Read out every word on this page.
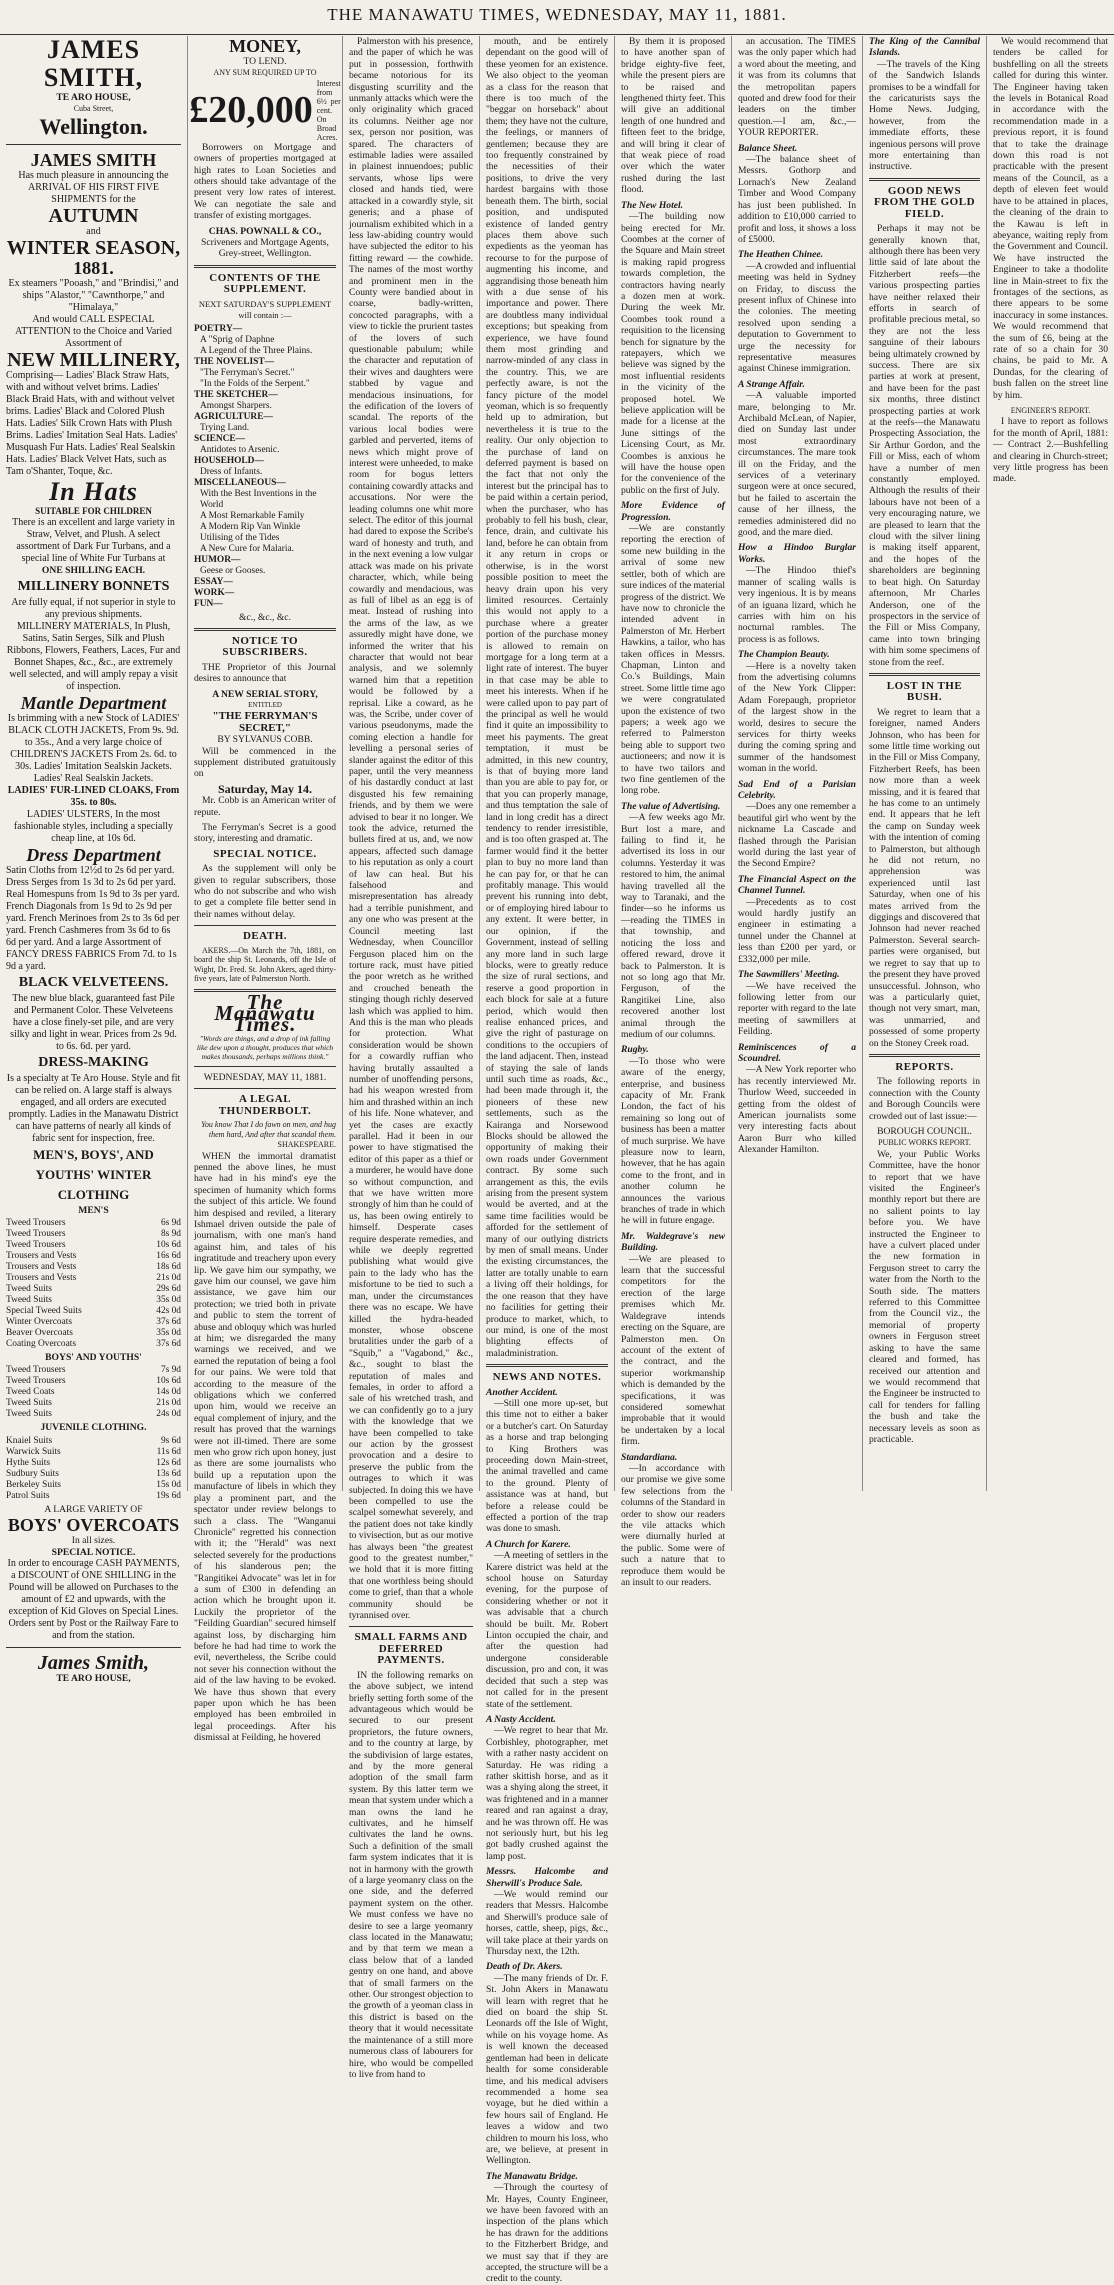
THE MANAWATU TIMES, WEDNESDAY, MAY 11, 1881.
JAMES SMITH,
TE ARO HOUSE,
Cuba Street,
Wellington.
JAMES SMITH
Has much pleasure in announcing the ARRIVAL OF HIS FIRST FIVE SHIPMENTS for the
AUTUMN
and
WINTER SEASON,
1881.
Ex steamers "Pooash," and "Brindisi," and ships "Alastor," "Cawnthorpe," and "Himalaya,"
And would CALL ESPECIAL ATTENTION to the Choice and Varied Assortment of
NEW MILLINERY,
Comprising— Ladies' Black Straw Hats, with and without velvet brims. Ladies' Black Braid Hats, with and without velvet brims. Ladies' Black and Colored Plush Hats. Ladies' Silk Crown Hats with Plush Brims. Ladies' Imitation Seal Hats. Ladies' Musquash Fur Hats. Ladies' Real Sealskin Hats. Ladies' Black Velvet Hats, such as Tam o'Shanter, Toque, &c.
In Hats
SUITABLE FOR CHILDREN
There is an excellent and large variety in Straw, Velvet, and Plush. A select assortment of Dark Fur Turbans, and a special line of White Fur Turbans at
ONE SHILLING EACH.
MILLINERY BONNETS
Are fully equal, if not superior in style to any previous shipments.
MILLINERY MATERIALS, In Plush, Satins, Satin Serges, Silk and Plush Ribbons, Flowers, Feathers, Laces, Fur and Bonnet Shapes, &c., &c., are extremely well selected, and will amply repay a visit of inspection.
Mantle Department
Is brimming with a new Stock of LADIES' BLACK CLOTH JACKETS, From 9s. 9d. to 35s., And a very large choice of CHILDREN'S JACKETS From 2s. 6d. to 30s. Ladies' Imitation Sealskin Jackets. Ladies' Real Sealskin Jackets.
LADIES' FUR-LINED CLOAKS, From 35s. to 80s.
LADIES' ULSTERS, In the most fashionable styles, including a specially cheap line, at 10s 6d.
Dress Department
Satin Cloths from 12½d to 2s 6d per yard. Dress Serges from 1s 3d to 2s 6d per yard. Real Homespuns from 1s 9d to 3s per yard. French Diagonals from 1s 9d to 2s 9d per yard. French Merinoes from 2s to 3s 6d per yard. French Cashmeres from 3s 6d to 6s 6d per yard. And a large Assortment of FANCY DRESS FABRICS From 7d. to 1s 9d a yard.
BLACK VELVETEENS.
The new blue black, guaranteed fast Pile and Permanent Color. These Velveteens have a close finely-set pile, and are very silky and light in wear. Prices from 2s 9d. to 6s. 6d. per yard.
DRESS-MAKING
Is a specialty at Te Aro House. Style and fit can be relied on. A large staff is always engaged, and all orders are executed promptly. Ladies in the Manawatu District can have patterns of nearly all kinds of fabric sent for inspection, free.
MEN'S, BOYS', AND YOUTHS' WINTER CLOTHING
MEN'S
Tweed Trousers	6s 9d
Tweed Trousers	8s 9d
Tweed Trousers	10s 6d
Trousers and Vests	16s 6d
Trousers and Vests	18s 6d
Trousers and Vests	21s 0d
Tweed Suits	29s 6d
Tweed Suits	35s 0d
Special Tweed Suits	42s 0d
Winter Overcoats	37s 6d
Beaver Overcoats	35s 0d
Coating Overcoats	37s 6d
BOYS' AND YOUTHS'
Tweed Trousers	7s 9d
Tweed Trousers	10s 6d
Tweed Coats	14s 0d
Tweed Suits	21s 0d
Tweed Suits	24s 0d
JUVENILE CLOTHING.
Knaiel Suits	9s 6d
Warwick Suits	11s 6d
Hythe Suits	12s 6d
Sudbury Suits	13s 6d
Berkeley Suits	15s 0d
Patrol Suits	19s 6d
A LARGE VARIETY OF
BOYS' OVERCOATS
In all sizes.
SPECIAL NOTICE.
In order to encourage CASH PAYMENTS, a DISCOUNT of ONE SHILLING in the Pound will be allowed on Purchases to the amount of £2 and upwards, with the exception of Kid Gloves on Special Lines. Orders sent by Post or the Railway Fare to and from the station.
James Smith,
TE ARO HOUSE,
MONEY,
TO LEND.
ANY SUM REQUIRED UP TO
£20,000
Interest from 6½ per cent. On Broad Acres.

Borrowers on Mortgage and owners of properties mortgaged at high rates to Loan Societies and others should take advantage of the present very low rates of interest. We can negotiate the sale and transfer of existing mortgages.

CHAS. POWNALL & CO.,
Scriveners and Mortgage Agents, Grey-street, Wellington.
CONTENTS OF THE SUPPLEMENT.
NEXT SATURDAY'S SUPPLEMENT will contain :—
POETRY—
A "Sprig of Daphne
A Legend of the Three Plains.
THE NOVELIST—
"The Ferryman's Secret."
"In the Folds of the Serpent."
THE SKETCHER—
Amongst Sharpers.
AGRICULTURE—
Trying Land.
SCIENCE—
Antidotes to Arsenic.
HOUSEHOLD—
Dress of Infants.
MISCELLANEOUS—
With the Best Inventions in the World
A Most Remarkable Family
A Modern Rip Van Winkle
Utilising of the Tides
A New Cure for Malaria.
HUMOR—
Geese or Gooses.
ESSAY—
WORK—
FUN—
&c., &c., &c.
NOTICE TO SUBSCRIBERS.

THE Proprietor of this Journal desires to announce that

A NEW SERIAL STORY,
ENTITLED
"THE FERRYMAN'S SECRET,"
BY SYLVANUS COBB.

Will be commenced in the supplement distributed gratuitously on

Saturday, May 14.

Mr. Cobb is an American writer of repute.

The Ferryman's Secret is a good story, interesting and dramatic.

SPECIAL NOTICE.

As the supplement will only be given to regular subscribers, those who do not subscribe and who wish to get a complete file better send in their names without delay.

DEATH.

AKERS.—On March the 7th, 1881, on board the ship St. Leonards, off the Isle of Wight, Dr. Fred. St. John Akers, aged thirty-five years, late of Palmerston North.

The Manawatu Times.
"Words are things, and a drop of ink falling like dew upon a thought, produces that which makes thousands, perhaps millions think."
WEDNESDAY, MAY 11, 1881.
A LEGAL THUNDERBOLT.
You know That I do fawn on men, and hug them hard, And after that scandal them.
SHAKESPEARE.

WHEN the immortal dramatist penned the above lines, he must have had in his mind's eye the specimen of humanity which forms the subject of this article. We found him despised and reviled, a literary Ishmael driven outside the pale of journalism, with one man's hand against him, and tales of his ingratitude and treachery upon every lip. We gave him our sympathy, we gave him our counsel, we gave him assistance, we gave him our protection; we tried both in private and public to stem the torrent of abuse and obloquy which was hurled at him; we disregarded the many warnings we received, and we earned the reputation of being a fool for our pains. We were told that according to the measure of the obligations which we conferred upon him, would we receive an equal complement of injury, and the result has proved that the warnings were not ill-timed. There are some men who grow rich upon honey, just as there are some journalists who build up a reputation upon the manufacture of libels in which they play a prominent part, and the spectator under review belongs to such a class. The "Wanganui Chronicle" regretted his connection with it; the "Herald" was next selected severely for the productions of his slanderous pen; the "Rangitikei Advocate" was let in for a sum of £300 in defending an action which he brought upon it. Luckily the proprietor of the "Feilding Guardian" secured himself against loss, by discharging him before he had had time to work the evil, nevertheless, the Scribe could not sever his connection without the aid of the law having to be evoked. We have thus shown that every paper upon which he has been employed has been embroiled in legal proceedings. After his dismissal at Feilding, he hovered

Palmerston with his presence, and the paper of which he was put in possession, forthwith became notorious for its disgusting scurrility and the unmanly attacks which were the only originality which graced its columns. Neither age nor sex, person nor position, was spared. The characters of estimable ladies were assailed in plainest innuendoes; public servants, whose lips were closed and hands tied, were attacked in a cowardly style, sit generis; and a phase of journalism exhibited which in a less law-abiding country would have subjected the editor to his fitting reward — the cowhide. The names of the most worthy and prominent men in the County were bandied about in coarse, badly-written, concocted paragraphs, with a view to tickle the prurient tastes of the lovers of such questionable pabulum; while the character and reputation of their wives and daughters were stabbed by vague and mendacious insinuations, for the edification of the lovers of scandal. The reports of the various local bodies were garbled and perverted, items of news which might prove of interest were unheeded, to make room for bogus letters containing cowardly attacks and accusations. Nor were the leading columns one whit more select. The editor of this journal had dared to expose the Scribe's ward of honesty and truth, and in the next evening a low vulgar attack was made on his private character, which, while being cowardly and mendacious, was as full of libel as an egg is of meat. Instead of rushing into the arms of the law, as we assuredly might have done, we informed the writer that his character that would not bear analysis, and we solemnly warned him that a repetition would be followed by a reprisal. Like a coward, as he was, the Scribe, under cover of various pseudonyms, made the coming election a handle for levelling a personal series of slander against the editor of this paper, until the very meanness of his dastardly conduct at last disgusted his few remaining friends, and by them we were advised to bear it no longer. We took the advice, returned the bullets fired at us, and, we now appears, affected such damage to his reputation as only a court of law can heal. But his falsehood and misrepresentation has already had a terrible punishment, and any one who was present at the Council meeting last Wednesday, when Councillor Ferguson placed him on the torture rack, must have pitied the poor wretch as he writhed and crouched beneath the stinging though richly deserved lash which was applied to him. And this is the man who pleads for protection. What consideration would be shown for a cowardly ruffian who having brutally assaulted a number of unoffending persons, had his weapon wrested from him and thrashed within an inch of his life. None whatever, and yet the cases are exactly parallel. Had it been in our power to have stigmatised the editor of this paper as a thief or a murderer, he would have done so without compunction, and that we have written more strongly of him than he could of us, has been owing entirely to himself. Desperate cases require desperate remedies, and while we deeply regretted publishing what would give pain to the lady who has the misfortune to be tied to such a man, under the circumstances there was no escape. We have killed the hydra-headed monster, whose obscene brutalities under the garb of a "Squib," a "Vagabond," &c., &c., sought to blast the reputation of males and females, in order to afford a sale of his wretched trash, and we can confidently go to a jury with the knowledge that we have been compelled to take our action by the grossest provocation and a desire to preserve the public from the outrages to which it was subjected. In doing this we have been compelled to use the scalpel somewhat severely, and the patient does not take kindly to vivisection, but as our motive has always been "the greatest good to the greatest number," we hold that it is more fitting that one worthless being should come to grief, than that a whole community should be tyrannised over.

SMALL FARMS AND DEFERRED PAYMENTS.

IN the following remarks on the above subject, we intend briefly setting forth some of the advantageous which would be secured to our present proprietors, the future owners, and to the country at large, by the subdivision of large estates, and by the more general adoption of the small farm system. By this latter term we mean that system under which a man owns the land he cultivates, and he himself cultivates the land he owns. Such a definition of the small farm system indicates that it is not in harmony with the growth of a large yeomanry class on the one side, and the deferred payment system on the other. We must confess we have no desire to see a large yeomanry class located in the Manawatu; and by that term we mean a class below that of a landed gentry on one hand, and above that of small farmers on the other. Our strongest objection to the growth of a yeoman class in this district is based on the theory that it would necessitate the maintenance of a still more numerous class of labourers for hire, who would be compelled to live from hand to

mouth, and be entirely dependant on the good will of these yeomen for an existence. We also object to the yeoman as a class for the reason that there is too much of the "beggar on horseback" about them; they have not the culture, the feelings, or manners of gentlemen; because they are too frequently constrained by the necessities of their positions, to drive the very hardest bargains with those beneath them. The birth, social position, and undisputed existence of landed gentry places them above such expedients as the yeoman has recourse to for the purpose of augmenting his income, and aggrandising those beneath him with a due sense of his importance and power. There are doubtless many individual exceptions; but speaking from experience, we have found them most grinding and narrow-minded of any class in the country. This, we are perfectly aware, is not the fancy picture of the model yeoman, which is so frequently held up to admiration, but nevertheless it is true to the reality. Our only objection to the purchase of land on deferred payment is based on the fact that not only the interest but the principal has to be paid within a certain period, when the purchaser, who has probably to fell his bush, clear, fence, drain, and cultivate his land, before he can obtain from it any return in crops or otherwise, is in the worst possible position to meet the heavy drain upon his very limited resources. Certainly this would not apply to a purchase where a greater portion of the purchase money is allowed to remain on mortgage for a long term at a light rate of interest. The buyer in that case may be able to meet his interests. When if he were called upon to pay part of the principal as well he would find it quite an impossibility to meet his payments. The great temptation, it must be admitted, in this new country, is that of buying more land than you are able to pay for, or that you can properly manage, and thus temptation the sale of land in long credit has a direct tendency to render irresistible, and is too often grasped at. The farmer would find it the better plan to buy no more land than he can pay for, or that he can profitably manage. This would prevent his running into debt, or of employing hired labour to any extent. It were better, in our opinion, if the Government, instead of selling any more land in such large blocks, were to greatly reduce the size of rural sections, and reserve a good proportion in each block for sale at a future period, which would then realise enhanced prices, and give the right of pasturage on conditions to the occupiers of the land adjacent. Then, instead of staying the sale of lands until such time as roads, &c., had been made through it, the pioneers of these new settlements, such as the Kairanga and Norsewood Blocks should be allowed the opportunity of making their own roads under Government contract. By some such arrangement as this, the evils arising from the present system would be averted, and at the same time facilities would be afforded for the settlement of many of our outlying districts by men of small means. Under the existing circumstances, the latter are totally unable to earn a living off their holdings, for the one reason that they have no facilities for getting their produce to market, which, to our mind, is one of the most blighting effects of maladministration.

NEWS AND NOTES.
Another Accident.

—Still one more up-set, but this time not to either a baker or a butcher's cart. On Saturday as a horse and trap belonging to King Brothers was proceeding down Main-street, the animal travelled and came to the ground. Plenty of assistance was at hand, but before a release could be effected a portion of the trap was done to smash.

A Church for Karere.

—A meeting of settlers in the Karere district was held at the school house on Saturday evening, for the purpose of considering whether or not it was advisable that a church should be built. Mr. Robert Linton occupied the chair, and after the question had undergone considerable discussion, pro and con, it was decided that such a step was not called for in the present state of the settlement.

A Nasty Accident.

—We regret to hear that Mr. Corbishley, photographer, met with a rather nasty accident on Saturday. He was riding a rather skittish horse, and as it was a shying along the street, it was frightened and in a manner reared and ran against a dray, and he was thrown off. He was not seriously hurt, but his leg got badly crushed against the lamp post.

Messrs. Halcombe and Sherwill's Produce Sale.

—We would remind our readers that Messrs. Halcombe and Sherwill's produce sale of horses, cattle, sheep, pigs, &c., will take place at their yards on Thursday next, the 12th.

Death of Dr. Akers.

—The many friends of Dr. F. St. John Akers in Manawatu will learn with regret that he died on board the ship St. Leonards off the Isle of Wight, while on his voyage home. As is well known the deceased gentleman had been in delicate health for some considerable time, and his medical advisers recommended a home sea voyage, but he died within a few hours sail of England. He leaves a widow and two children to mourn his loss, who are, we believe, at present in Wellington.

The Manawatu Bridge.

—Through the courtesy of Mr. Hayes, County Engineer, we have been favored with an inspection of the plans which he has drawn for the additions to the Fitzherbert Bridge, and we must say that if they are accepted, the structure will be a credit to the county.

By them it is proposed to have another span of bridge eighty-five feet, while the present piers are to be raised and lengthened thirty feet. This will give an additional length of one hundred and fifteen feet to the bridge, and will bring it clear of that weak piece of road over which the water rushed during the last flood.

The New Hotel.

—The building now being erected for Mr. Coombes at the corner of the Square and Main street is making rapid progress towards completion, the contractors having nearly a dozen men at work. During the week Mr. Coombes took round a requisition to the licensing bench for signature by the ratepayers, which we believe was signed by the most influential residents in the vicinity of the proposed hotel. We believe application will be made for a license at the June sittings of the Licensing Court, as Mr. Coombes is anxious he will have the house open for the convenience of the public on the first of July.

More Evidence of Progression.

—We are constantly reporting the erection of some new building in the arrival of some new settler, both of which are sure indices of the material progress of the district. We have now to chronicle the intended advent in Palmerston of Mr. Herbert Hawkins, a tailor, who has taken offices in Messrs. Chapman, Linton and Co.'s Buildings, Main street. Some little time ago we were congratulated upon the existence of two papers; a week ago we referred to Palmerston being able to support two auctioneers; and now it is to have two tailors and two fine gentlemen of the long robe.

The value of Advertising.

—A few weeks ago Mr. Burt lost a mare, and failing to find it, he advertised its loss in our columns. Yesterday it was restored to him, the animal having travelled all the way to Taranaki, and the finder—so he informs us—reading the TIMES in that township, and noticing the loss and offered reward, drove it back to Palmerston. It is not so long ago that Mr. Ferguson, of the Rangitikei Line, also recovered another lost animal through the medium of our columns.

Rugby.

—To those who were aware of the energy, enterprise, and business capacity of Mr. Frank London, the fact of his remaining so long out of business has been a matter of much surprise. We have pleasure now to learn, however, that he has again come to the front, and in another column he announces the various branches of trade in which he will in future engage.

Mr. Waldegrave's new Building.

—We are pleased to learn that the successful competitors for the erection of the large premises which Mr. Waldegrave intends erecting on the Square, are Palmerston men. On account of the extent of the contract, and the superior workmanship which is demanded by the specifications, it was considered somewhat improbable that it would be undertaken by a local firm.

Standardiana.

—In accordance with our promise we give some few selections from the columns of the Standard in order to show our readers the vile attacks which were diurnally hurled at the public. Some were of such a nature that to reproduce them would be an insult to our readers.

an accusation. The TIMES was the only paper which had a word about the meeting, and it was from its columns that the metropolitan papers quoted and drew food for their leaders on the timber question.—I am, &c.,—YOUR REPORTER.

Balance Sheet.

—The balance sheet of Messrs. Gothorp and Lornach's New Zealand Timber and Wood Company has just been published. In addition to £10,000 carried to profit and loss, it shows a loss of £5000.

The Heathen Chinee.

—A crowded and influential meeting was held in Sydney on Friday, to discuss the present influx of Chinese into the colonies. The meeting resolved upon sending a deputation to Government to urge the necessity for representative measures against Chinese immigration.

A Strange Affair.

—A valuable imported mare, belonging to Mr. Archibald McLean, of Napier, died on Sunday last under most extraordinary circumstances. The mare took ill on the Friday, and the services of a veterinary surgeon were at once secured, but he failed to ascertain the cause of her illness, the remedies administered did no good, and the mare died.

How a Hindoo Burglar Works.

—The Hindoo thief's manner of scaling walls is very ingenious. It is by means of an iguana lizard, which he carries with him on his nocturnal rambles. The process is as follows.

The Champion Beauty.

—Here is a novelty taken from the advertising columns of the New York Clipper: Adam Forepaugh, proprietor of the largest show in the world, desires to secure the services for thirty weeks during the coming spring and summer of the handsomest woman in the world.

Sad End of a Parisian Celebrity.

—Does any one remember a beautiful girl who went by the nickname La Cascade and flashed through the Parisian world during the last year of the Second Empire?

The Financial Aspect on the Channel Tunnel.

—Precedents as to cost would hardly justify an engineer in estimating a tunnel under the Channel at less than £200 per yard, or £332,000 per mile.

The Sawmillers' Meeting.

—We have received the following letter from our reporter with regard to the late meeting of sawmillers at Feilding.

Reminiscences of a Scoundrel.

—A New York reporter who has recently interviewed Mr. Thurlow Weed, succeeded in getting from the oldest of American journalists some very interesting facts about Aaron Burr who killed Alexander Hamilton.

The King of the Cannibal Islands.

—The travels of the King of the Sandwich Islands promises to be a windfall for the caricaturists says the Home News. Judging, however, from the immediate efforts, these ingenious persons will prove more entertaining than instructive.

GOOD NEWS FROM THE GOLD FIELD.

Perhaps it may not be generally known that, although there has been very little said of late about the Fitzherbert reefs—the various prospecting parties have neither relaxed their efforts in search of profitable precious metal, so they are not the less sanguine of their labours being ultimately crowned by success. There are six parties at work at present, and have been for the past six months, three distinct prospecting parties at work at the reefs—the Manawatu Prospecting Association, the Sir Arthur Gordon, and the Fill or Miss, each of whom have a number of men constantly employed. Although the results of their labours have not been of a very encouraging nature, we are pleased to learn that the cloud with the silver lining is making itself apparent, and the hopes of the shareholders are beginning to beat high. On Saturday afternoon, Mr Charles Anderson, one of the prospectors in the service of the Fill or Miss Company, came into town bringing with him some specimens of stone from the reef.

LOST IN THE BUSH.

We regret to learn that a foreigner, named Anders Johnson, who has been for some little time working out in the Fill or Miss Company, Fitzherbert Reefs, has been now more than a week missing, and it is feared that he has come to an untimely end. It appears that he left the camp on Sunday week with the intention of coming to Palmerston, but although he did not return, no apprehension was experienced until last Saturday, when one of his mates arrived from the diggings and discovered that Johnson had never reached Palmerston. Several search-parties were organised, but we regret to say that up to the present they have proved unsuccessful. Johnson, who was a particularly quiet, though not very smart, man, was unmarried, and possessed of some property on the Stoney Creek road.

REPORTS.

The following reports in connection with the County and Borough Councils were crowded out of last issue:—

BOROUGH COUNCIL.
PUBLIC WORKS REPORT.

We, your Public Works Committee, have the honor to report that we have visited the Engineer's monthly report but there are no salient points to lay before you. We have instructed the Engineer to have a culvert placed under the new formation in Ferguson street to carry the water from the North to the South side. The matters referred to this Committee from the Council viz., the memorial of property owners in Ferguson street asking to have the same cleared and formed, has received our attention and we would recommend that the Engineer be instructed to call for tenders for falling the bush and take the necessary levels as soon as practicable.

We would recommend that tenders be called for bushfelling on all the streets called for during this winter. The Engineer having taken the levels in Botanical Road in accordance with the recommendation made in a previous report, it is found that to take the drainage down this road is not practicable with the present means of the Council, as a depth of eleven feet would have to be attained in places, the cleaning of the drain to the Kawau is left in abeyance, waiting reply from the Government and Council. We have instructed the Engineer to take a thodolite line in Main-street to fix the frontages of the sections, as there appears to be some inaccuracy in some instances. We would recommend that the sum of £6, being at the rate of so a chain for 30 chains, be paid to Mr. A Dundas, for the clearing of bush fallen on the street line by him.

ENGINEER'S REPORT.

I have to report as follows for the month of April, 1881:— Contract 2.—Bushfelling and clearing in Church-street; very little progress has been made.
